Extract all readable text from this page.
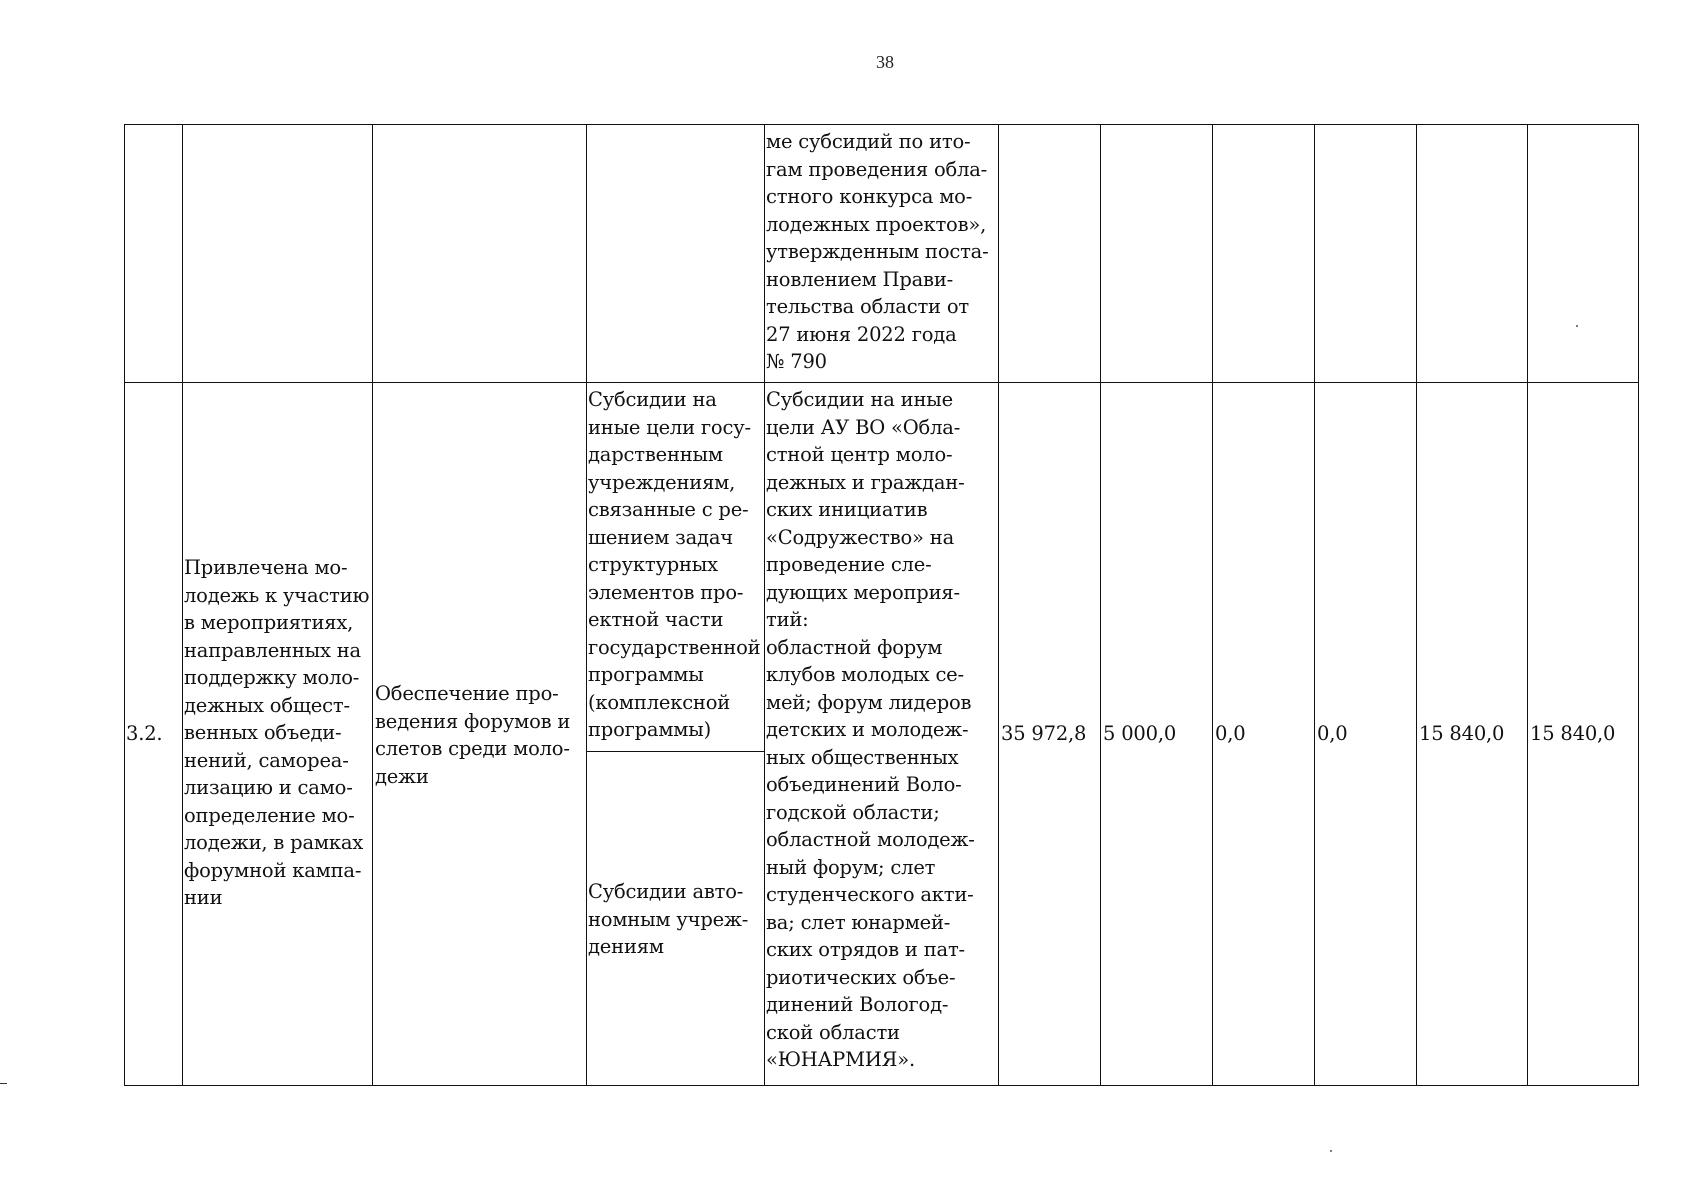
38
ме субсидий по ито-
гам проведения обла-
стного конкурса мо-
лодежных проектов»,
утвержденным поста-
новлением Прави-
тельства области от
27 июня 2022 года
№ 790
3.2.
Привлечена мо-
лодежь к участию
в мероприятиях,
направленных на
поддержку моло-
дежных общест-
венных объеди-
нений, самореа-
лизацию и само-
определение мо-
лодежи, в рамках
форумной кампа-
нии
Обеспечение про-
ведения форумов и
слетов среди моло-
дежи
Субсидии на
иные цели госу-
дарственным
учреждениям,
связанные с ре-
шением задач
структурных
элементов про-
ектной части
государственной
программы
(комплексной
программы)
Субсидии авто-
номным учреж-
дениям
Субсидии на иные
цели АУ ВО «Обла-
стной центр моло-
дежных и граждан-
ских инициатив
«Содружество» на
проведение сле-
дующих мероприя-
тий:
областной форум
клубов молодых се-
мей; форум лидеров
детских и молодеж-
ных общественных
объединений Воло-
годской области;
областной молодеж-
ный форум; слет
студенческого акти-
ва; слет юнармей-
ских отрядов и пат-
риотических объе-
динений Вологод-
ской области
«ЮНАРМИЯ».
35 972,8 5 000,0 0,0	0,0	15 840,0 15 840,0
